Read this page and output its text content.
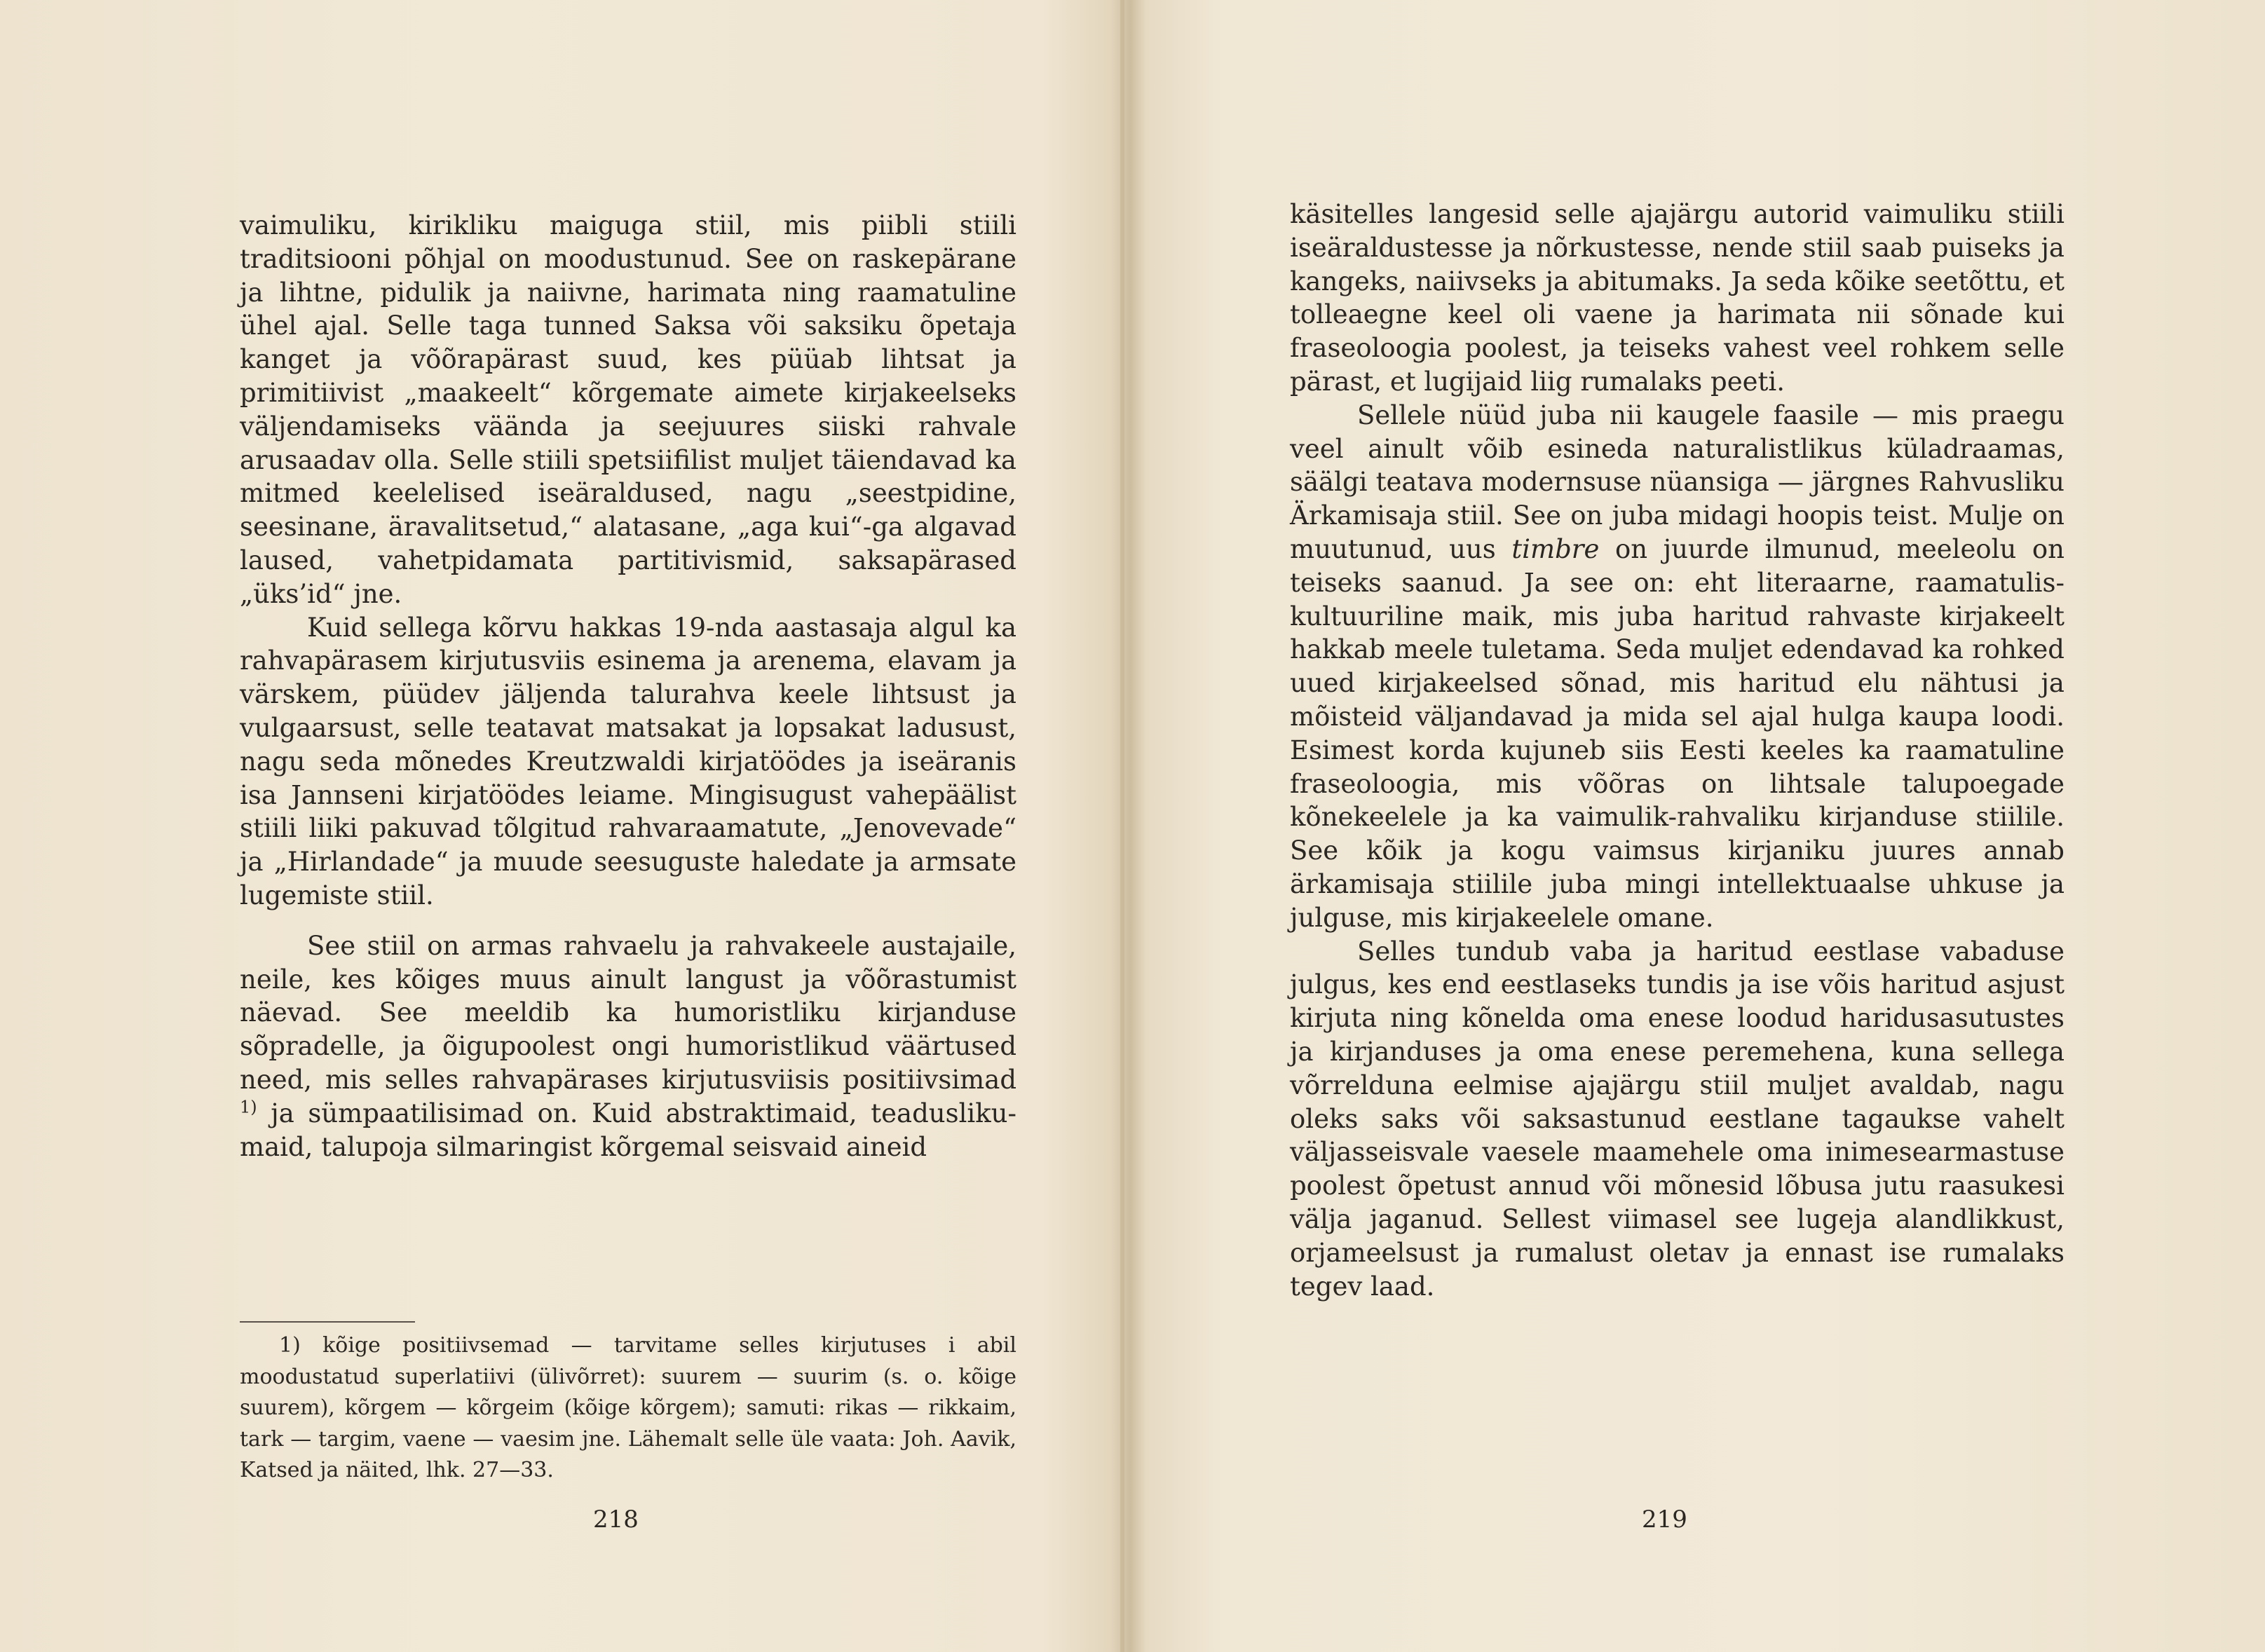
vaimuliku, kirikliku maiguga stiil, mis piibli stiili traditsiooni põhjal on moodustunud. See on raskepärane ja lihtne, pidulik ja naiivne, harimata ning raamatuline ühel ajal. Selle taga tunned Saksa või saksiku õpetaja kanget ja võõrapärast suud, kes püüab lihtsat ja primitiivist „maakeelt“ kõrgemate aimete kirjakeelseks väljendamiseks väända ja seejuures siiski rahvale arusaadav olla. Selle stiili spetsiifilist muljet täiendavad ka mitmed keelelised iseäraldused, nagu „seestpidine, seesinane, äravalitsetud,“ alatasane, „aga kui“-ga algavad laused, vahetpidamata partitivismid, saksapärased „üks’id“ jne.

Kuid sellega kõrvu hakkas 19-nda aastasaja algul ka rahvapärasem kirjutusviis esinema ja arenema, elavam ja värskem, püüdev jäljenda talurahva keele lihtsust ja vulgaarsust, selle teatavat matsakat ja lopsakat ladusust, nagu seda mõnedes Kreutzwaldi kirjatöödes ja iseäranis isa Jannseni kirjatöödes leiame. Mingisugust vahepäälist stiili liiki pakuvad tõlgitud rahvaraamatute, „Jenovevade“ ja „Hirlandade“ ja muude seesuguste haledate ja armsate lugemiste stiil.

See stiil on armas rahvaelu ja rahvakeele austajaile, neile, kes kõiges muus ainult langust ja võõrastumist näevad. See meeldib ka humoristliku kirjanduse sõpradelle, ja õigupoolest ongi humoristlikud väärtused need, mis selles rahvapärases kirjutusviisis positiivsimad $^{1)}$ ja sümpaatilisimad on. Kuid abstraktimaid, teaduslikumaid, talupoja silmaringist kõrgemal seisvaid aineid

1) kõige positiivsemad — tarvitame selles kirjutuses i abil moodustatud superlatiivi (ülivõrret): suurem — suurim (s. o. kõige suurem), kõrgem — kõrgeim (kõige kõrgem); samuti: rikas — rikkaim, tark — targim, vaene — vaesim jne. Lähemalt selle üle vaata: Joh. Aavik, Katsed ja näited, lhk. 27—33.

218

käsitelles langesid selle ajajärgu autorid vaimuliku stiili iseäraldustesse ja nõrkustesse, nende stiil saab puiseks ja kangeks, naiivseks ja abitumaks. Ja seda kõike seetõttu, et tolleaegne keel oli vaene ja harimata nii sõnade kui fraseoloogia poolest, ja teiseks vahest veel rohkem selle pärast, et lugijaid liig rumalaks peeti.

Sellele nüüd juba nii kaugele faasile — mis praegu veel ainult võib esineda naturalistlikus küladraamas, säälgi teatava modernsuse nüansiga — järgnes Rahvusliku Ärkamisaja stiil. See on juba midagi hoopis teist. Mulje on muutunud, uus timbre on juurde ilmunud, meeleolu on teiseks saanud. Ja see on: eht literaarne, raamatulis-kultuuriline maik, mis juba haritud rahvaste kirjakeelt hakkab meele tuletama. Seda muljet edendavad ka rohked uued kirjakeelsed sõnad, mis haritud elu nähtusi ja mõisteid väljandavad ja mida sel ajal hulga kaupa loodi. Esimest korda kujuneb siis Eesti keeles ka raamatuline fraseoloogia, mis võõras on lihtsale talupoegade kõnekeelele ja ka vaimulik-rahvaliku kirjanduse stiilile. See kõik ja kogu vaimsus kirjaniku juures annab ärkamisaja stiilile juba mingi intellektuaalse uhkuse ja julguse, mis kirjakeelele omane.

Selles tundub vaba ja haritud eestlase vabaduse julgus, kes end eestlaseks tundis ja ise võis haritud asjust kirjuta ning kõnelda oma enese loodud haridusasutustes ja kirjanduses ja oma enese peremehena, kuna sellega võrrelduna eelmise ajajärgu stiil muljet avaldab, nagu oleks saks või saksastunud eestlane tagaukse vahelt väljasseisvale vaesele maamehele oma inimesearmastuse poolest õpetust annud või mõnesid lõbusa jutu raasukesi välja jaganud. Sellest viimasel see lugeja alandlikkust, orjameelsust ja rumalust oletav ja ennast ise rumalaks tegev laad.

219
